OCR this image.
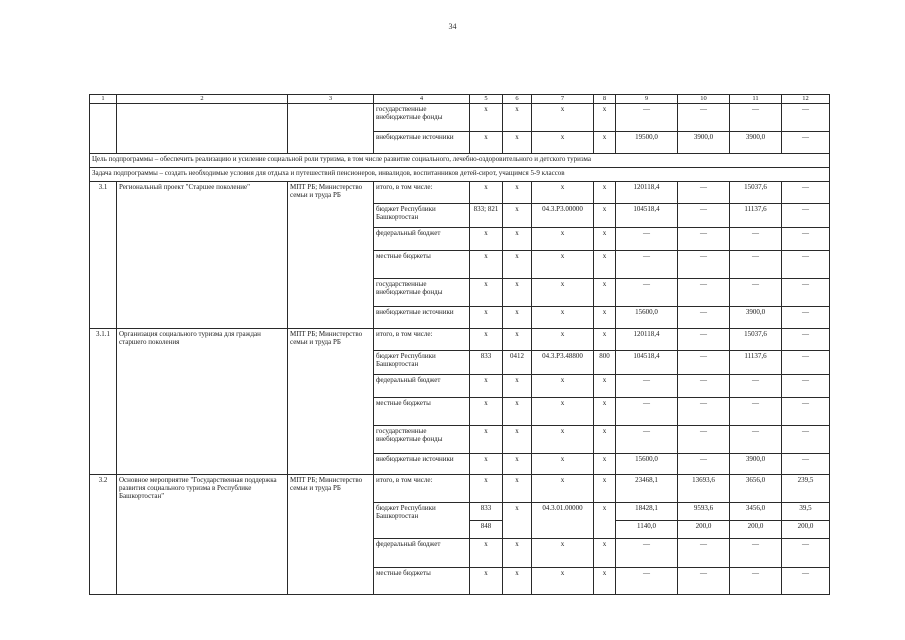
34
1	2	3	4	5	6	7	8	9	10	11	12
			государственные внебюджетные фонды	х	х	х	х	—	—	—	—
			внебюджетные источники	х	х	х	х	19500,0	3900,0	3900,0	—
Цель подпрограммы – обеспечить реализацию и усиление социальной роли туризма, в том числе развитие социального, лечебно-оздоровительного и детского туризма											
Задача подпрограммы – создать необходимые условия для отдыха и путешествий пенсионеров, инвалидов, воспитанников детей-сирот, учащимся 5-9 классов											
3.1	Региональный проект "Старшее поколение"	МПТ РБ; Министерство семьи и труда РБ	итого, в том числе:	х	х	х	х	120118,4	—	15037,6	—
			бюджет Республики Башкортостан	833; 821	х	04.3.Р3.00000	х	104518,4	—	11137,6	—
			федеральный бюджет	х	х	х	х	—	—	—	—
			местные бюджеты	х	х	х	х	—	—	—	—
			государственные внебюджетные фонды	х	х	х	х	—	—	—	—
			внебюджетные источники	х	х	х	х	15600,0	—	3900,0	—
3.1.1	Организация социального туризма для граждан старшего поколения	МПТ РБ; Министерство семьи и труда РБ	итого, в том числе:	х	х	х	х	120118,4	—	15037,6	—
			бюджет Республики Башкортостан	833	0412	04.3.Р3.48800	800	104518,4	—	11137,6	—
			федеральный бюджет	х	х	х	х	—	—	—	—
			местные бюджеты	х	х	х	х	—	—	—	—
			государственные внебюджетные фонды	х	х	х	х	—	—	—	—
			внебюджетные источники	х	х	х	х	15600,0	—	3900,0	—
3.2	Основное мероприятие "Государственная поддержка развития социального туризма в Республике Башкортостан"	МПТ РБ; Министерство семьи и труда РБ	итого, в том числе:	х	х	х	х	23468,1	13693,6	3656,0	239,5
			бюджет Республики Башкортостан	833	х	04.3.01.00000	х	18428,1	9593,6	3456,0	39,5
				848				1140,0	200,0	200,0	200,0
			федеральный бюджет	х	х	х	х	—	—	—	—
			местные бюджеты	х	х	х	х	—	—	—	—
